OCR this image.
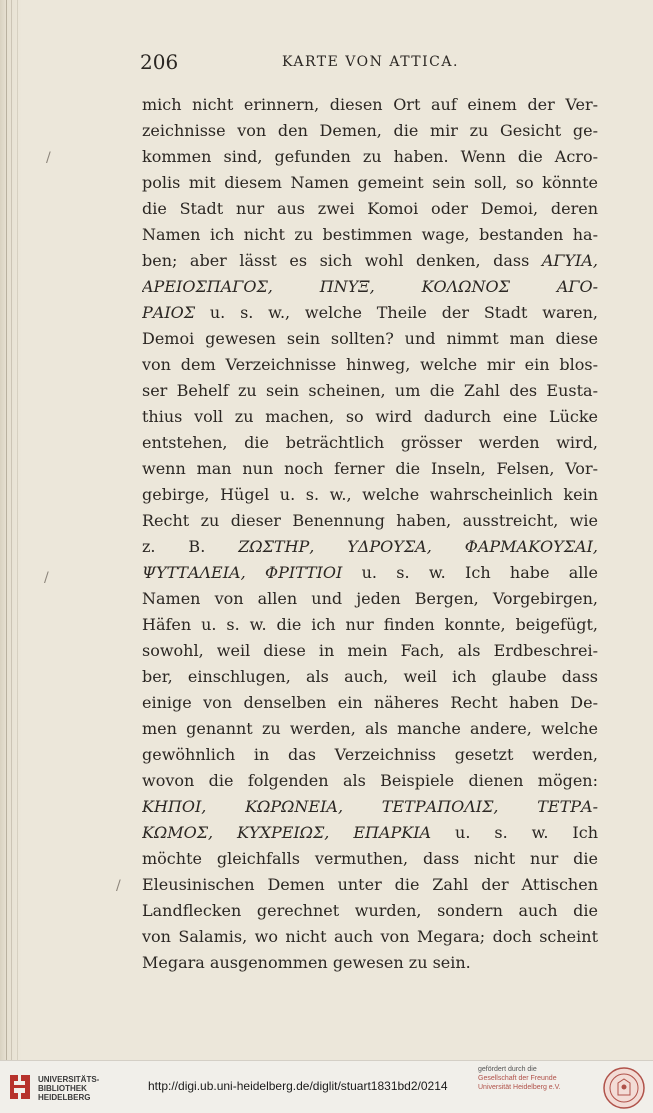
/
/
/
206	KARTE VON ATTICA.
mich nicht erinnern, diesen Ort auf einem der Ver-
zeichnisse von den Demen, die mir zu Gesicht ge-
kommen sind, gefunden zu haben. Wenn die Acro-
polis mit diesem Namen gemeint sein soll, so könnte
die Stadt nur aus zwei Komoi oder Demoi, deren
Namen ich nicht zu bestimmen wage, bestanden ha-
ben; aber lässt es sich wohl denken, dass ΑΓΥΙΑ,
ΑΡΕΙΟΣΠΑΓΟΣ, ΠΝΥΞ, ΚΟΛΩΝΟΣ ΑΓΟ-
ΡΑΙΟΣ u. s. w., welche Theile der Stadt waren,
Demoi gewesen sein sollten? und nimmt man diese
von dem Verzeichnisse hinweg, welche mir ein blos-
ser Behelf zu sein scheinen, um die Zahl des Eusta-
thius voll zu machen, so wird dadurch eine Lücke
entstehen, die beträchtlich grösser werden wird,
wenn man nun noch ferner die Inseln, Felsen, Vor-
gebirge, Hügel u. s. w., welche wahrscheinlich kein
Recht zu dieser Benennung haben, ausstreicht, wie
z. B. ΖΩΣΤΗΡ, ΥΔΡΟΥΣΑ, ΦΑΡΜΑΚΟΥΣΑΙ,
ΨΥΤΤΑΛΕΙΑ, ΦΡΙΤΤΙΟΙ u. s. w. Ich habe alle
Namen von allen und jeden Bergen, Vorgebirgen,
Häfen u. s. w. die ich nur finden konnte, beigefügt,
sowohl, weil diese in mein Fach, als Erdbeschrei-
ber, einschlugen, als auch, weil ich glaube dass
einige von denselben ein näheres Recht haben De-
men genannt zu werden, als manche andere, welche
gewöhnlich in das Verzeichniss gesetzt werden,
wovon die folgenden als Beispiele dienen mögen:
ΚΗΠΟΙ, ΚΩΡΩΝΕΙΑ, ΤΕΤΡΑΠΟΛΙΣ, ΤΕΤΡΑ-
ΚΩΜΟΣ, ΚΥΧΡΕΙΩΣ, ΕΠΑΡΚΙΑ u. s. w. Ich
möchte gleichfalls vermuthen, dass nicht nur die
Eleusinischen Demen unter die Zahl der Attischen
Landflecken gerechnet wurden, sondern auch die
von Salamis, wo nicht auch von Megara; doch scheint
Megara ausgenommen gewesen zu sein.
UNIVERSITÄTS-
BIBLIOTHEK
HEIDELBERG
http://digi.ub.uni-heidelberg.de/diglit/stuart1831bd2/0214
gefördert durch die
Gesellschaft der Freunde
Universität Heidelberg e.V.
